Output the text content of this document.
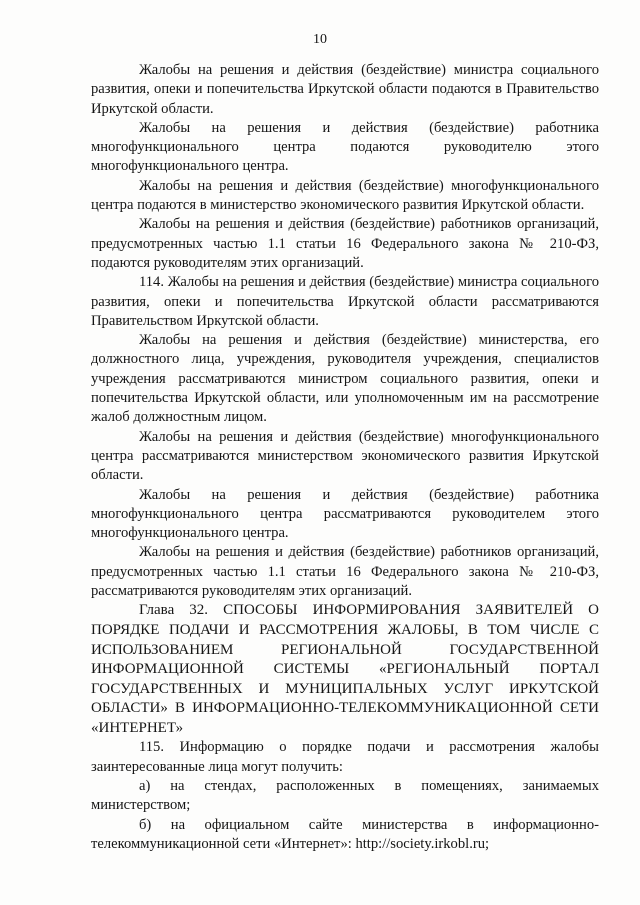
10

Жалобы на решения и действия (бездействие) министра социального развития, опеки и попечительства Иркутской области подаются в Правительство Иркутской области.

Жалобы на решения и действия (бездействие) работника многофункционального центра подаются руководителю этого многофункционального центра.

Жалобы на решения и действия (бездействие) многофункционального центра подаются в министерство экономического развития Иркутской области.

Жалобы на решения и действия (бездействие) работников организаций, предусмотренных частью 1.1 статьи 16 Федерального закона № 210-ФЗ, подаются руководителям этих организаций.

114. Жалобы на решения и действия (бездействие) министра социального развития, опеки и попечительства Иркутской области рассматриваются Правительством Иркутской области.

Жалобы на решения и действия (бездействие) министерства, его должностного лица, учреждения, руководителя учреждения, специалистов учреждения рассматриваются министром социального развития, опеки и попечительства Иркутской области, или уполномоченным им на рассмотрение жалоб должностным лицом.

Жалобы на решения и действия (бездействие) многофункционального центра рассматриваются министерством экономического развития Иркутской области.

Жалобы на решения и действия (бездействие) работника многофункционального центра рассматриваются руководителем этого многофункционального центра.

Жалобы на решения и действия (бездействие) работников организаций, предусмотренных частью 1.1 статьи 16 Федерального закона № 210-ФЗ, рассматриваются руководителям этих организаций.

Глава 32. СПОСОБЫ ИНФОРМИРОВАНИЯ ЗАЯВИТЕЛЕЙ О ПОРЯДКЕ ПОДАЧИ И РАССМОТРЕНИЯ ЖАЛОБЫ, В ТОМ ЧИСЛЕ С ИСПОЛЬЗОВАНИЕМ РЕГИОНАЛЬНОЙ ГОСУДАРСТВЕННОЙ ИНФОРМАЦИОННОЙ СИСТЕМЫ «РЕГИОНАЛЬНЫЙ ПОРТАЛ ГОСУДАРСТВЕННЫХ И МУНИЦИПАЛЬНЫХ УСЛУГ ИРКУТСКОЙ ОБЛАСТИ» В ИНФОРМАЦИОННО-ТЕЛЕКОММУНИКАЦИОННОЙ СЕТИ «ИНТЕРНЕТ»

115. Информацию о порядке подачи и рассмотрения жалобы заинтересованные лица могут получить:

а) на стендах, расположенных в помещениях, занимаемых министерством;

б) на официальном сайте министерства в информационно-телекоммуникационной сети «Интернет»: http://society.irkobl.ru;
